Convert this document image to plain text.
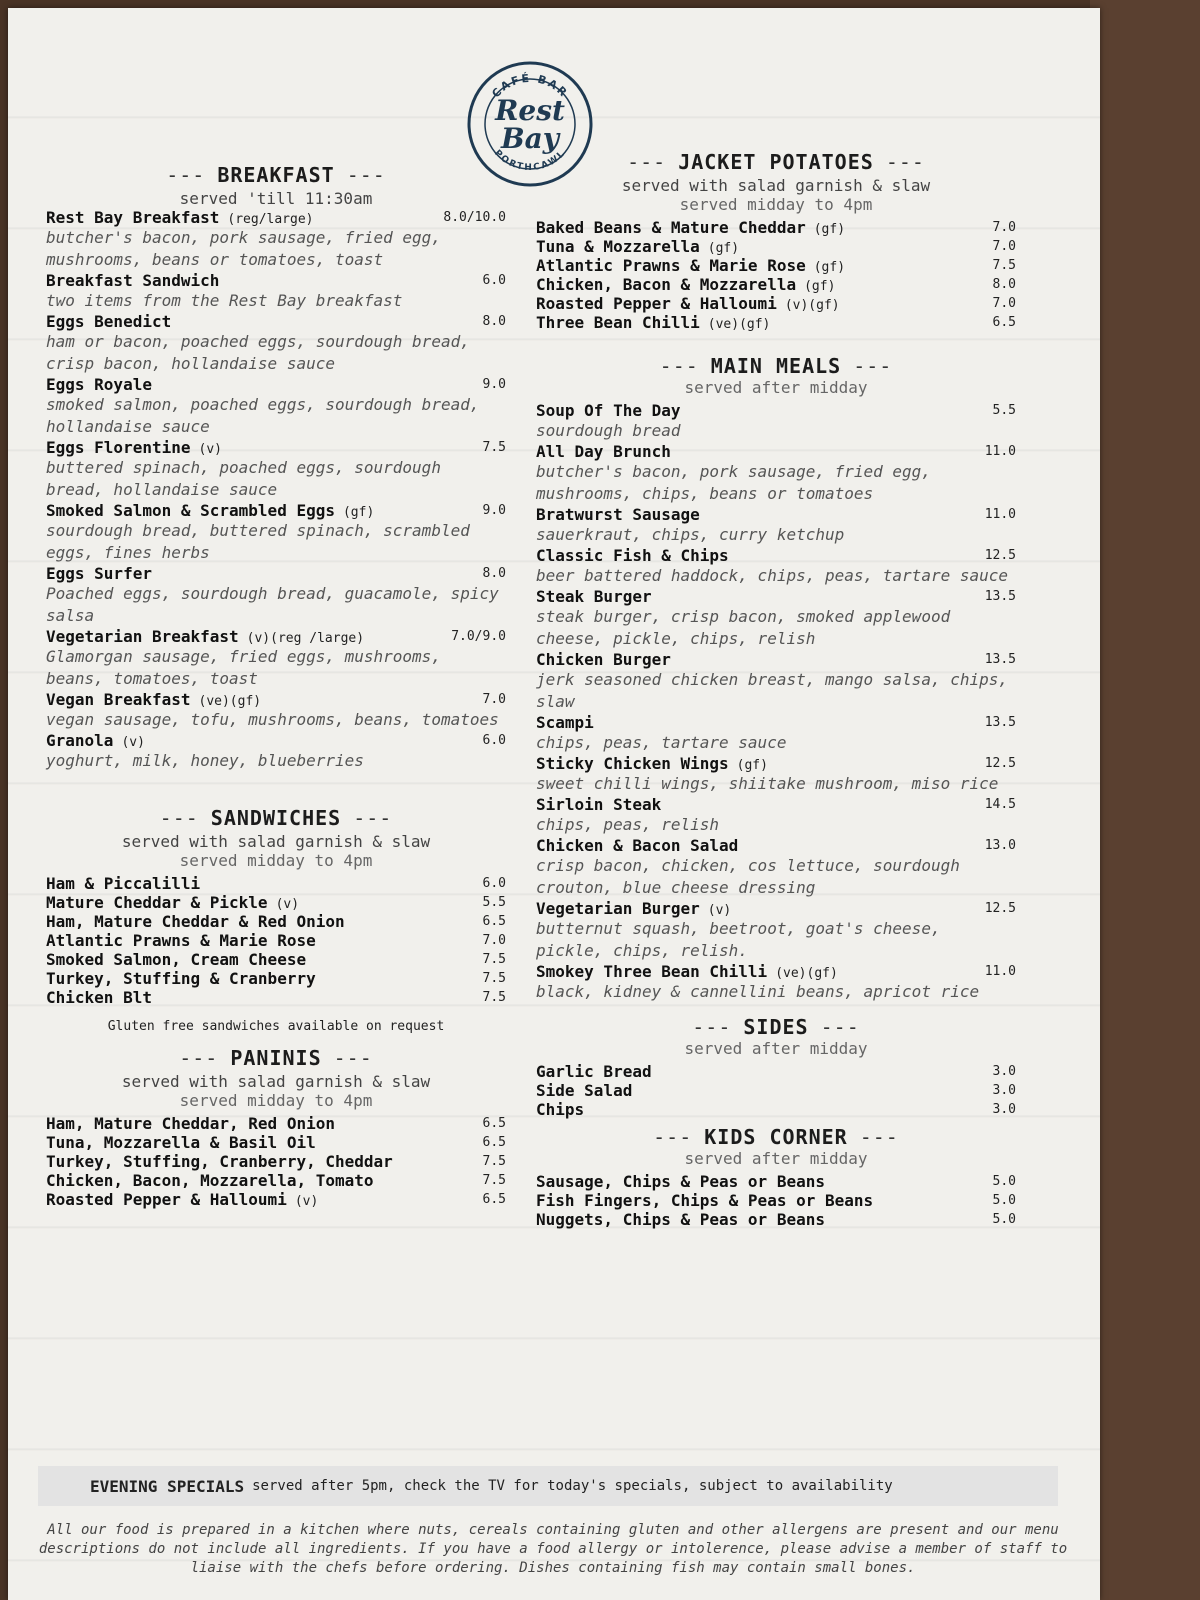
CAFÉ BAR
PORTHCAWL
Rest
Bay
--- BREAKFAST ---

served 'till 11:30am

Rest Bay Breakfast (reg/large)	8.0/10.0
butcher's bacon, pork sausage, fried egg, mushrooms, beans or tomatoes, toast
Breakfast Sandwich	6.0
two items from the Rest Bay breakfast
Eggs Benedict	8.0
ham or bacon, poached eggs, sourdough bread, crisp bacon, hollandaise sauce
Eggs Royale	9.0
smoked salmon, poached eggs, sourdough bread, hollandaise sauce
Eggs Florentine (v)	7.5
buttered spinach, poached eggs, sourdough bread, hollandaise sauce
Smoked Salmon & Scrambled Eggs (gf)	9.0
sourdough bread, buttered spinach, scrambled eggs, fines herbs
Eggs Surfer	8.0
Poached eggs, sourdough bread, guacamole, spicy salsa
Vegetarian Breakfast (v)(reg /large)	7.0/9.0
Glamorgan sausage, fried eggs, mushrooms, beans, tomatoes, toast
Vegan Breakfast (ve)(gf)	7.0
vegan sausage, tofu, mushrooms, beans, tomatoes
Granola (v)	6.0
yoghurt, milk, honey, blueberries
--- SANDWICHES ---

served with salad garnish & slaw

served midday to 4pm

Ham & Piccalilli	6.0
Mature Cheddar & Pickle (v)	5.5
Ham, Mature Cheddar & Red Onion	6.5
Atlantic Prawns & Marie Rose	7.0
Smoked Salmon, Cream Cheese	7.5
Turkey, Stuffing & Cranberry	7.5
Chicken Blt	7.5

Gluten free sandwiches available on request

--- PANINIS ---

served with salad garnish & slaw

served midday to 4pm

Ham, Mature Cheddar, Red Onion	6.5
Tuna, Mozzarella & Basil Oil	6.5
Turkey, Stuffing, Cranberry, Cheddar	7.5
Chicken, Bacon, Mozzarella, Tomato	7.5
Roasted Pepper & Halloumi (v)	6.5
--- JACKET POTATOES ---

served with salad garnish & slaw

served midday to 4pm

Baked Beans & Mature Cheddar (gf)	7.0
Tuna & Mozzarella (gf)	7.0
Atlantic Prawns & Marie Rose (gf)	7.5
Chicken, Bacon & Mozzarella (gf)	8.0
Roasted Pepper & Halloumi (v)(gf)	7.0
Three Bean Chilli (ve)(gf)	6.5
--- MAIN MEALS ---

served after midday

Soup Of The Day	5.5
sourdough bread
All Day Brunch	11.0
butcher's bacon, pork sausage, fried egg, mushrooms, chips, beans or tomatoes
Bratwurst Sausage	11.0
sauerkraut, chips, curry ketchup
Classic Fish & Chips	12.5
beer battered haddock, chips, peas, tartare sauce
Steak Burger	13.5
steak burger, crisp bacon, smoked applewood cheese, pickle, chips, relish
Chicken Burger	13.5
jerk seasoned chicken breast, mango salsa, chips, slaw
Scampi	13.5
chips, peas, tartare sauce
Sticky Chicken Wings (gf)	12.5
sweet chilli wings, shiitake mushroom, miso rice
Sirloin Steak	14.5
chips, peas, relish
Chicken & Bacon Salad	13.0
crisp bacon, chicken, cos lettuce, sourdough crouton, blue cheese dressing
Vegetarian Burger (v)	12.5
butternut squash, beetroot, goat's cheese, pickle, chips, relish.
Smokey Three Bean Chilli (ve)(gf)	11.0
black, kidney & cannellini beans, apricot rice
--- SIDES ---

served after midday

Garlic Bread	3.0
Side Salad	3.0
Chips	3.0
--- KIDS CORNER ---

served after midday

Sausage, Chips & Peas or Beans	5.0
Fish Fingers, Chips & Peas or Beans	5.0
Nuggets, Chips & Peas or Beans	5.0
EVENING SPECIALS served after 5pm, check the TV for today's specials, subject to availability
All our food is prepared in a kitchen where nuts, cereals containing gluten and other allergens are present and our menu descriptions do not include all ingredients. If you have a food allergy or intolerence, please advise a member of staff to liaise with the chefs before ordering. Dishes containing fish may contain small bones.
